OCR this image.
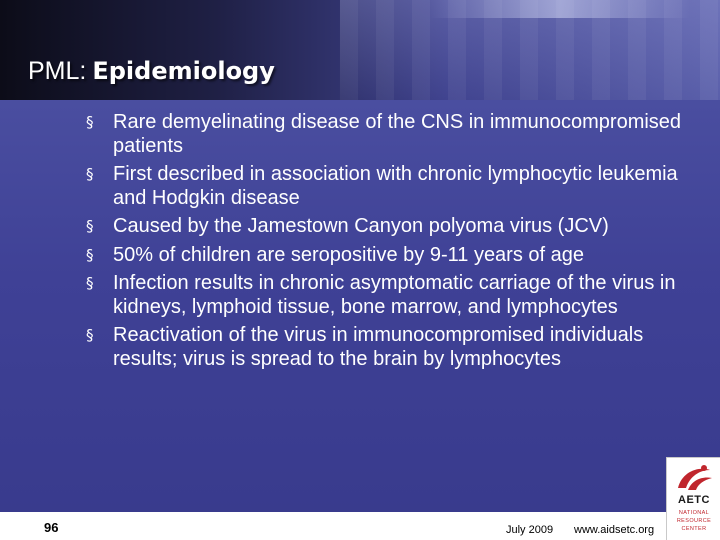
PML: Epidemiology
§ Rare demyelinating disease of the CNS in immunocompromised patients
§ First described in association with chronic lymphocytic leukemia and Hodgkin disease
§ Caused by the Jamestown Canyon polyoma virus (JCV)
§ 50% of children are seropositive by 9-11 years of age
§ Infection results in chronic asymptomatic carriage of the virus in kidneys, lymphoid tissue, bone marrow, and lymphocytes
§ Reactivation of the virus in immunocompromised individuals results; virus is spread to the brain by lymphocytes
96	July 2009 www.aidsetc.org
AETC
NATIONAL
RESOURCE
CENTER
